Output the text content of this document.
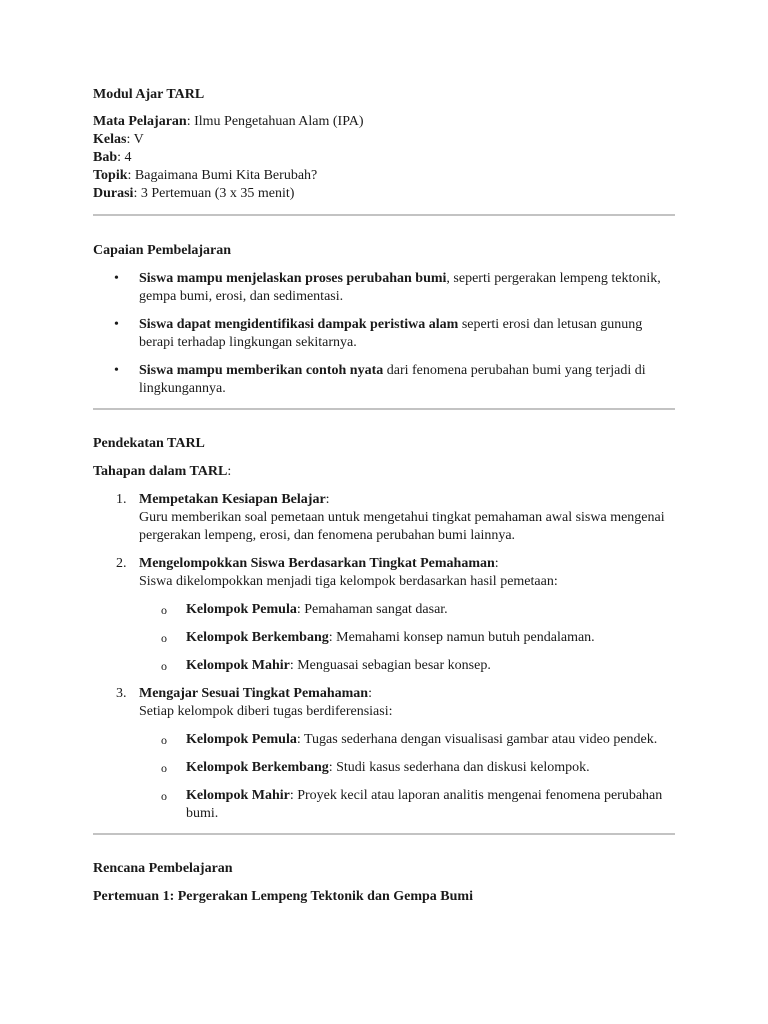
Modul Ajar TARL

Mata Pelajaran: Ilmu Pengetahuan Alam (IPA)
Kelas: V
Bab: 4
Topik: Bagaimana Bumi Kita Berubah?
Durasi: 3 Pertemuan (3 x 35 menit)

Capaian Pembelajaran

• Siswa mampu menjelaskan proses perubahan bumi, seperti pergerakan lempeng tektonik, gempa bumi, erosi, dan sedimentasi.
• Siswa dapat mengidentifikasi dampak peristiwa alam seperti erosi dan letusan gunung berapi terhadap lingkungan sekitarnya.
• Siswa mampu memberikan contoh nyata dari fenomena perubahan bumi yang terjadi di lingkungannya.

Pendekatan TARL

Tahapan dalam TARL:

1. Mempetakan Kesiapan Belajar:
Guru memberikan soal pemetaan untuk mengetahui tingkat pemahaman awal siswa mengenai pergerakan lempeng, erosi, dan fenomena perubahan bumi lainnya.
2. Mengelompokkan Siswa Berdasarkan Tingkat Pemahaman:
Siswa dikelompokkan menjadi tiga kelompok berdasarkan hasil pemetaan:
o Kelompok Pemula: Pemahaman sangat dasar.
o Kelompok Berkembang: Memahami konsep namun butuh pendalaman.
o Kelompok Mahir: Menguasai sebagian besar konsep.
3. Mengajar Sesuai Tingkat Pemahaman:
Setiap kelompok diberi tugas berdiferensiasi:
o Kelompok Pemula: Tugas sederhana dengan visualisasi gambar atau video pendek.
o Kelompok Berkembang: Studi kasus sederhana dan diskusi kelompok.
o Kelompok Mahir: Proyek kecil atau laporan analitis mengenai fenomena perubahan bumi.

Rencana Pembelajaran

Pertemuan 1: Pergerakan Lempeng Tektonik dan Gempa Bumi
